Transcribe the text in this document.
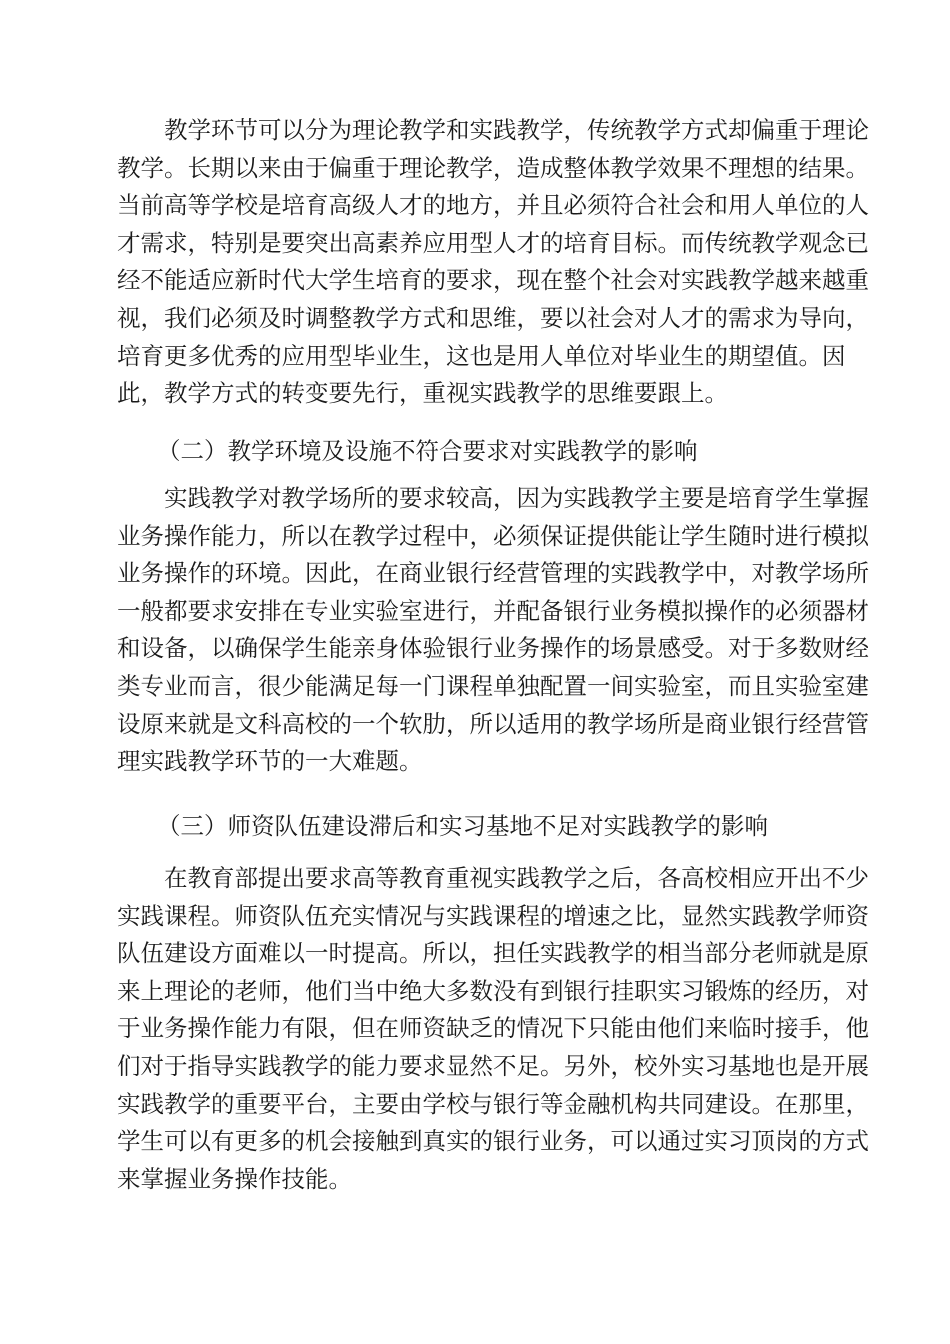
　　教学环节可以分为理论教学和实践教学，传统教学方式却偏重于理论
教学。长期以来由于偏重于理论教学，造成整体教学效果不理想的结果。
当前高等学校是培育高级人才的地方，并且必须符合社会和用人单位的人
才需求，特别是要突出高素养应用型人才的培育目标。而传统教学观念已
经不能适应新时代大学生培育的要求，现在整个社会对实践教学越来越重
视，我们必须及时调整教学方式和思维，要以社会对人才的需求为导向，
培育更多优秀的应用型毕业生，这也是用人单位对毕业生的期望值。因
此，教学方式的转变要先行，重视实践教学的思维要跟上。
（二）教学环境及设施不符合要求对实践教学的影响
　　实践教学对教学场所的要求较高，因为实践教学主要是培育学生掌握
业务操作能力，所以在教学过程中，必须保证提供能让学生随时进行模拟
业务操作的环境。因此，在商业银行经营管理的实践教学中，对教学场所
一般都要求安排在专业实验室进行，并配备银行业务模拟操作的必须器材
和设备，以确保学生能亲身体验银行业务操作的场景感受。对于多数财经
类专业而言，很少能满足每一门课程单独配置一间实验室，而且实验室建
设原来就是文科高校的一个软肋，所以适用的教学场所是商业银行经营管
理实践教学环节的一大难题。
（三）师资队伍建设滞后和实习基地不足对实践教学的影响
　　在教育部提出要求高等教育重视实践教学之后，各高校相应开出不少
实践课程。师资队伍充实情况与实践课程的增速之比，显然实践教学师资
队伍建设方面难以一时提高。所以，担任实践教学的相当部分老师就是原
来上理论的老师，他们当中绝大多数没有到银行挂职实习锻炼的经历，对
于业务操作能力有限，但在师资缺乏的情况下只能由他们来临时接手，他
们对于指导实践教学的能力要求显然不足。另外，校外实习基地也是开展
实践教学的重要平台，主要由学校与银行等金融机构共同建设。在那里，
学生可以有更多的机会接触到真实的银行业务，可以通过实习顶岗的方式
来掌握业务操作技能。
